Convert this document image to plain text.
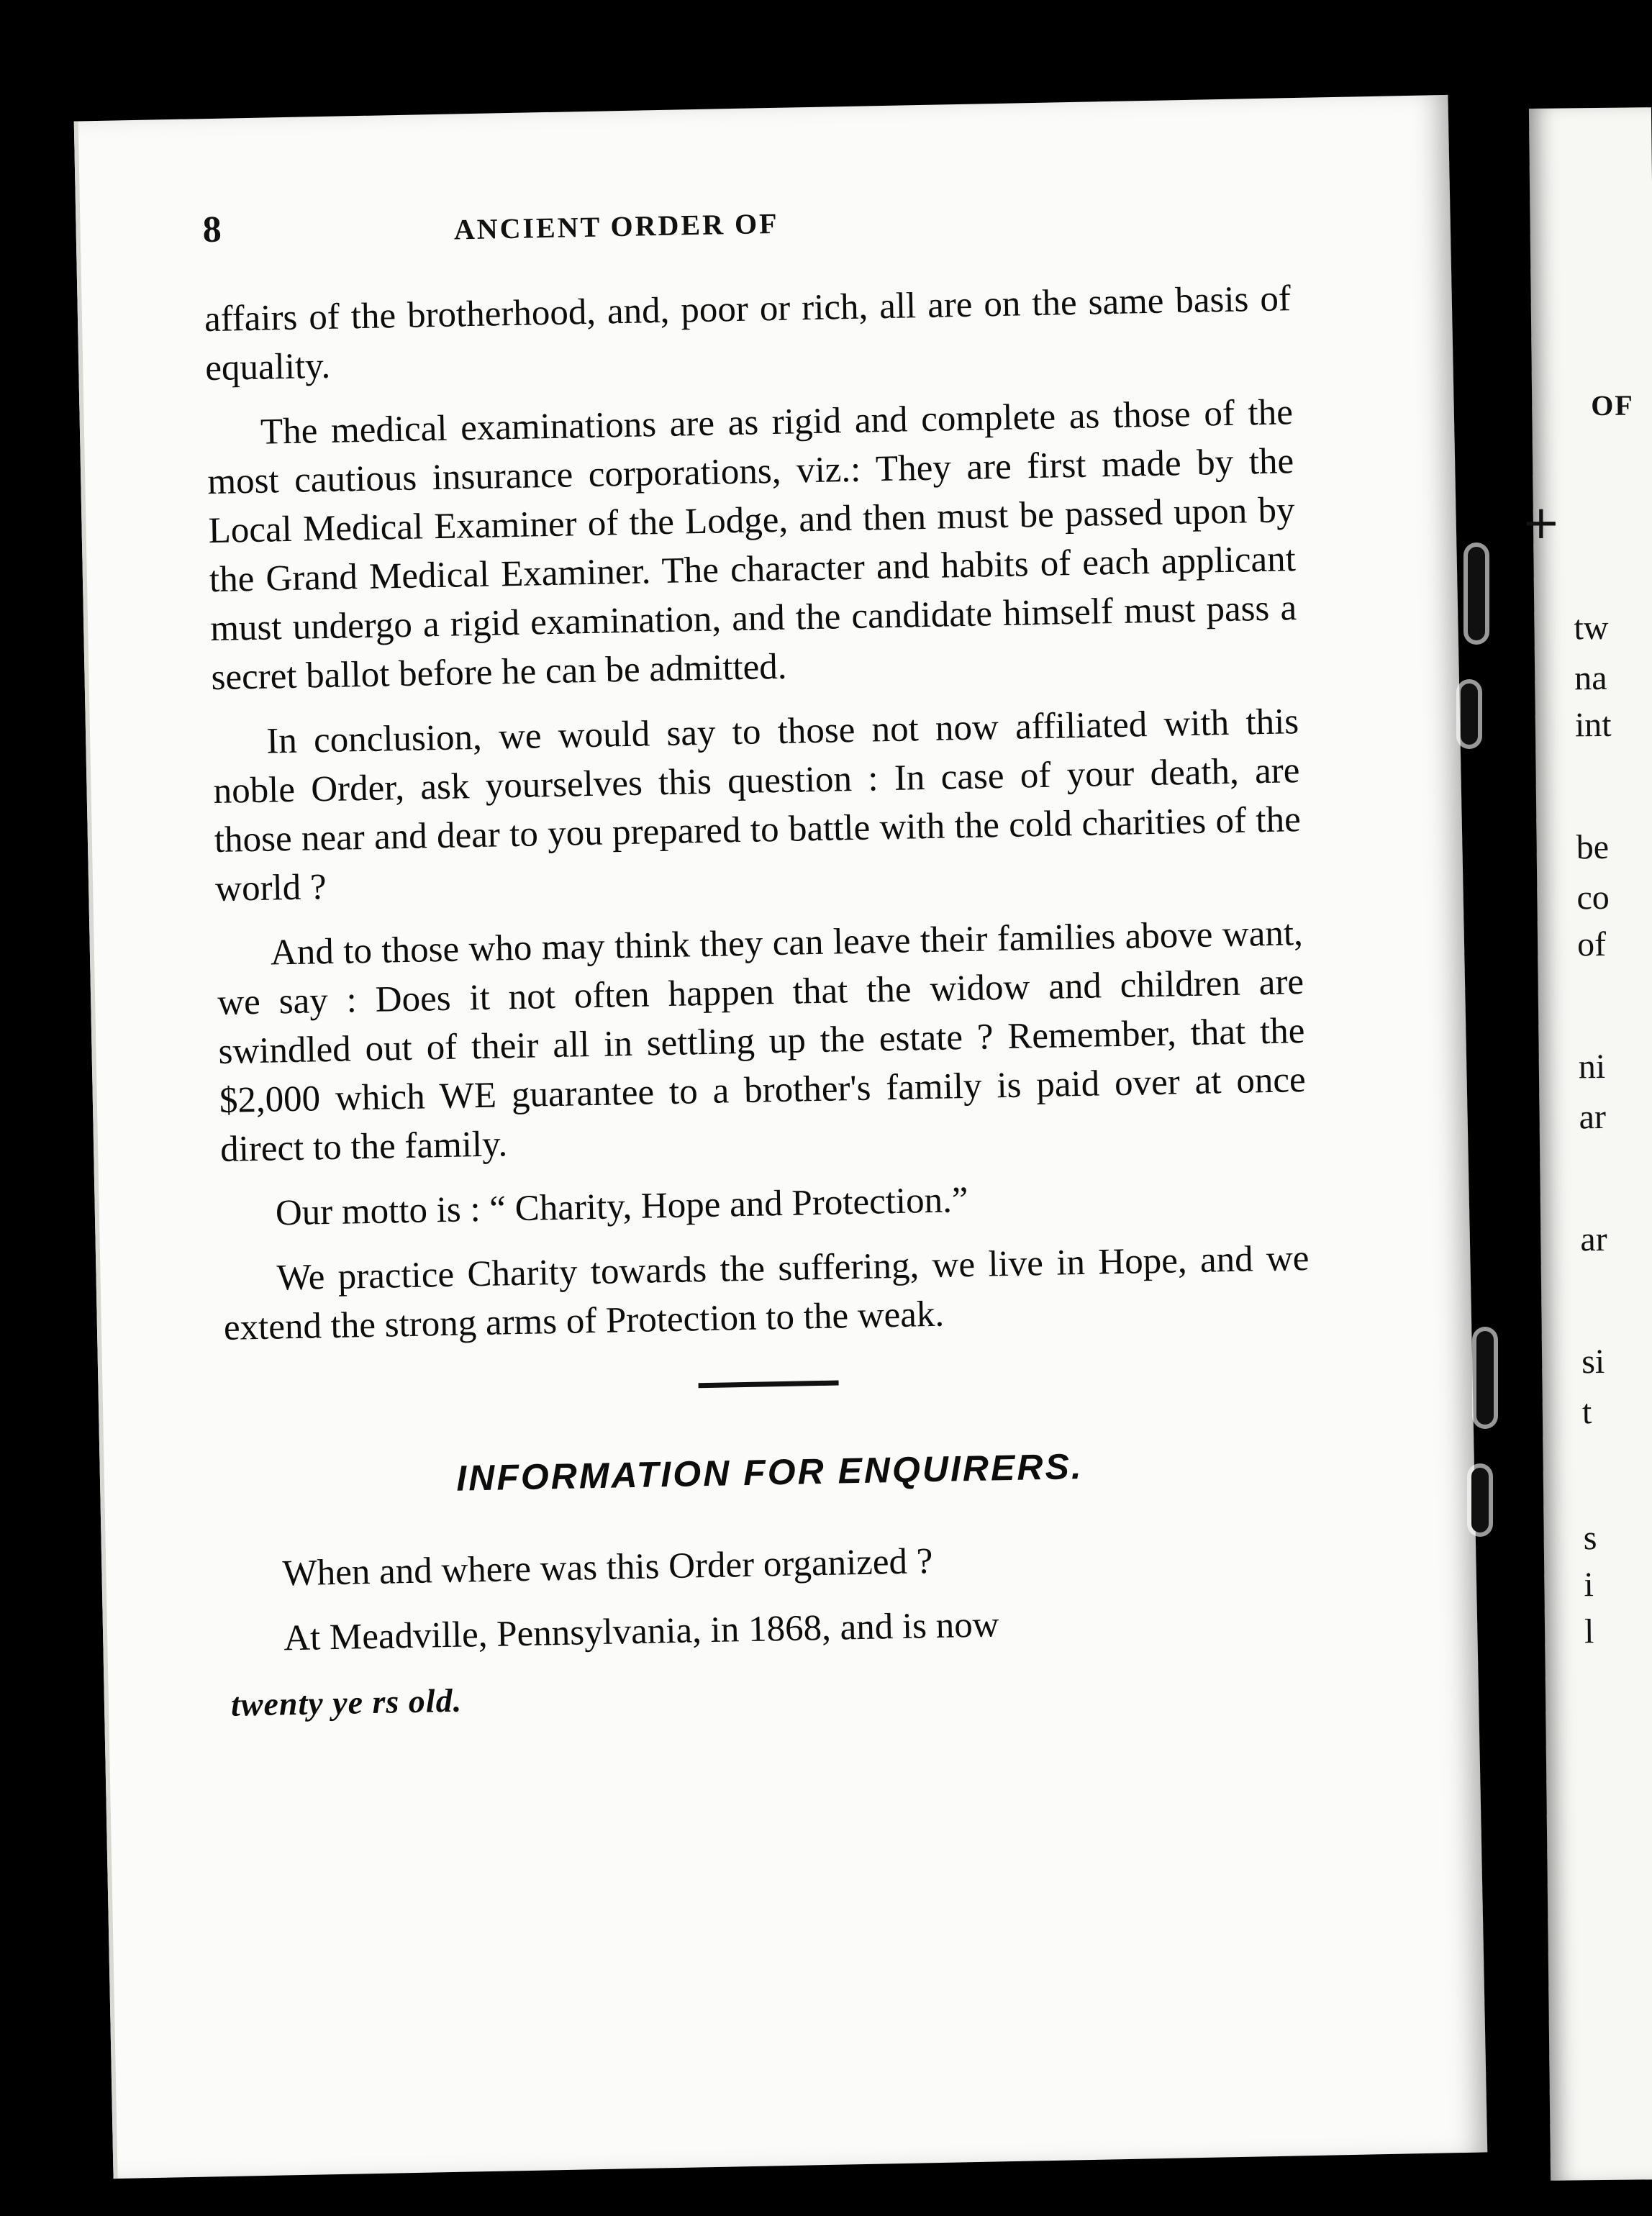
OF
tw
na
int
be
co
of
ni
ar
ar
si
t
s
i
l
8	ANCIENT ORDER OF

affairs of the brotherhood, and, poor or rich, all are on the same basis of equality.

The medical examinations are as rigid and complete as those of the most cautious insurance corporations, viz.: They are first made by the Local Medical Examiner of the Lodge, and then must be passed upon by the Grand Medical Examiner. The character and habits of each applicant must undergo a rigid examination, and the candidate himself must pass a secret ballot before he can be admitted.

In conclusion, we would say to those not now affiliated with this noble Order, ask yourselves this question : In case of your death, are those near and dear to you prepared to battle with the cold charities of the world ?

And to those who may think they can leave their families above want, we say : Does it not often happen that the widow and children are swindled out of their all in settling up the estate ? Remember, that the $2,000 which WE guarantee to a brother's family is paid over at once direct to the family.

Our motto is : “ Charity, Hope and Protection.”

We practice Charity towards the suffering, we live in Hope, and we extend the strong arms of Protection to the weak.

INFORMATION FOR ENQUIRERS.

When and where was this Order organized ?

At Meadville, Pennsylvania, in 1868, and is now

twenty ye rs old.

+
